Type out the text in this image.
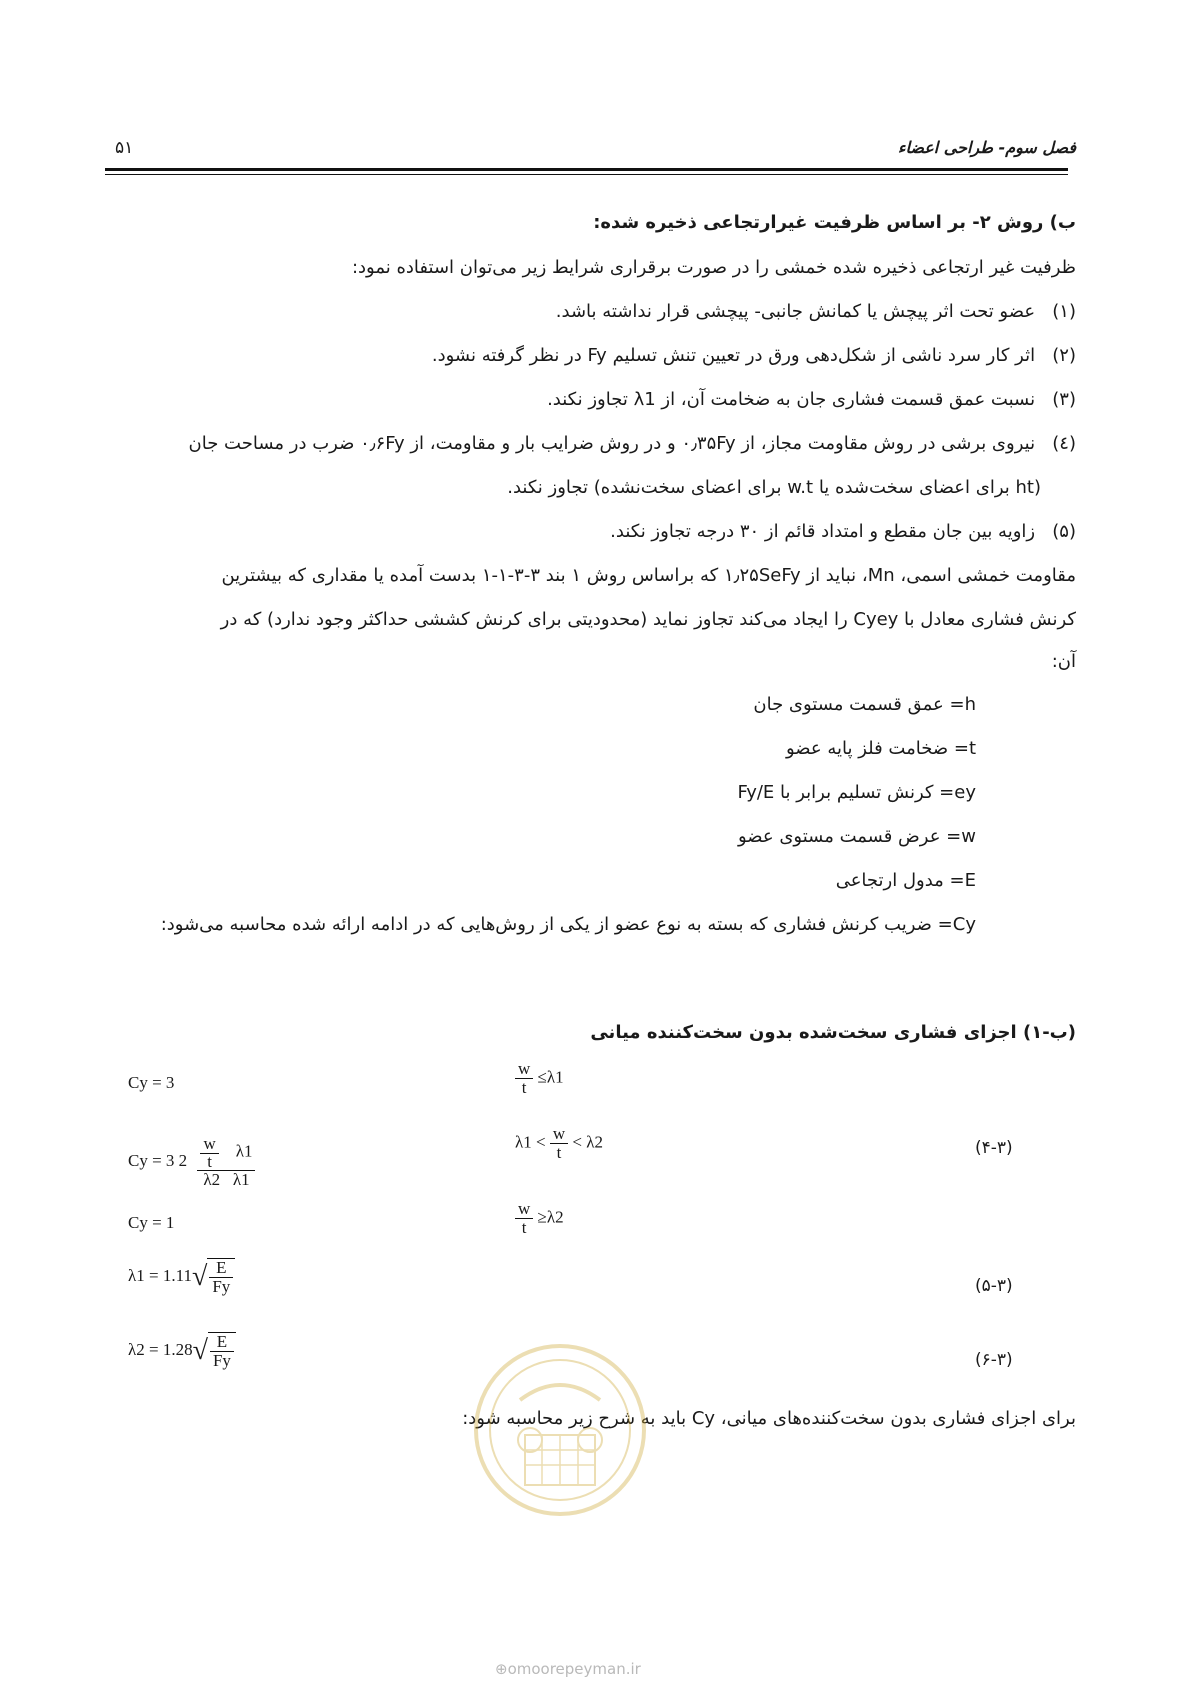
فصل سوم- طراحی اعضاء
۵۱
ب) روش ۲- بر اساس ظرفیت غیرارتجاعی ذخیره شده:
ظرفیت غیر ارتجاعی ذخیره شده خمشی را در صورت برقراری شرایط زیر می‌توان استفاده نمود:
(۱)   عضو تحت اثر پیچش یا کمانش جانبی- پیچشی قرار نداشته باشد.
(۲)   اثر کار سرد ناشی از شکل‌دهی ورق در تعیین تنش تسلیم Fy در نظر گرفته نشود.
(۳)   نسبت عمق قسمت فشاری جان به ضخامت آن، از λ1 تجاوز نکند.
(٤)   نیروی برشی در روش مقاومت مجاز، از ۰٫۳۵Fy و در روش ضرایب بار و مقاومت، از ۰٫۶Fy ضرب در مساحت جان
(ht برای اعضای سخت‌شده یا w.t برای اعضای سخت‌نشده) تجاوز نکند.
(۵)   زاویه بین جان مقطع و امتداد قائم از ۳۰ درجه تجاوز نکند.
مقاومت خمشی اسمی، Mn، نباید از ۱٫۲۵SeFy که براساس روش ۱ بند ۳-۳-۱-۱ بدست آمده یا مقداری که بیشترین
کرنش فشاری معادل با Cyey را ایجاد می‌کند تجاوز نماید (محدودیتی برای کرنش کششی حداکثر وجود ندارد) که در
آن:
h= عمق قسمت مستوی جان
t= ضخامت فلز پایه عضو
ey= کرنش تسلیم برابر با Fy/E
w= عرض قسمت مستوی عضو
E= مدول ارتجاعی
Cy= ضریب کرنش فشاری که بسته به نوع عضو از یکی از روش‌هایی که در ادامه ارائه شده محاسبه می‌شود:
(ب-۱) اجزای فشاری سخت‌شده بدون سخت‌کننده میانی
Cy = 3	$\frac{w}{t} \le\lambda 1$
Cy = 3 $2 \frac{\frac{w}{t} \lambda 1}{\lambda 2 \lambda 1}$	$\lambda 1 < \frac{w}{t} < \lambda 2$	(۴-۳)
Cy = 1	$\frac{w}{t} \ge\lambda 2$
$\lambda 1 = 1.11√ \frac{E}{Fy}$	(۵-۳)
$\lambda 2 = 1.28√ \frac{E}{Fy}$	(۶-۳)
برای اجزای فشاری بدون سخت‌کننده‌های میانی، Cy باید به شرح زیر محاسبه شود:
⊕omoorepeyman.ir
